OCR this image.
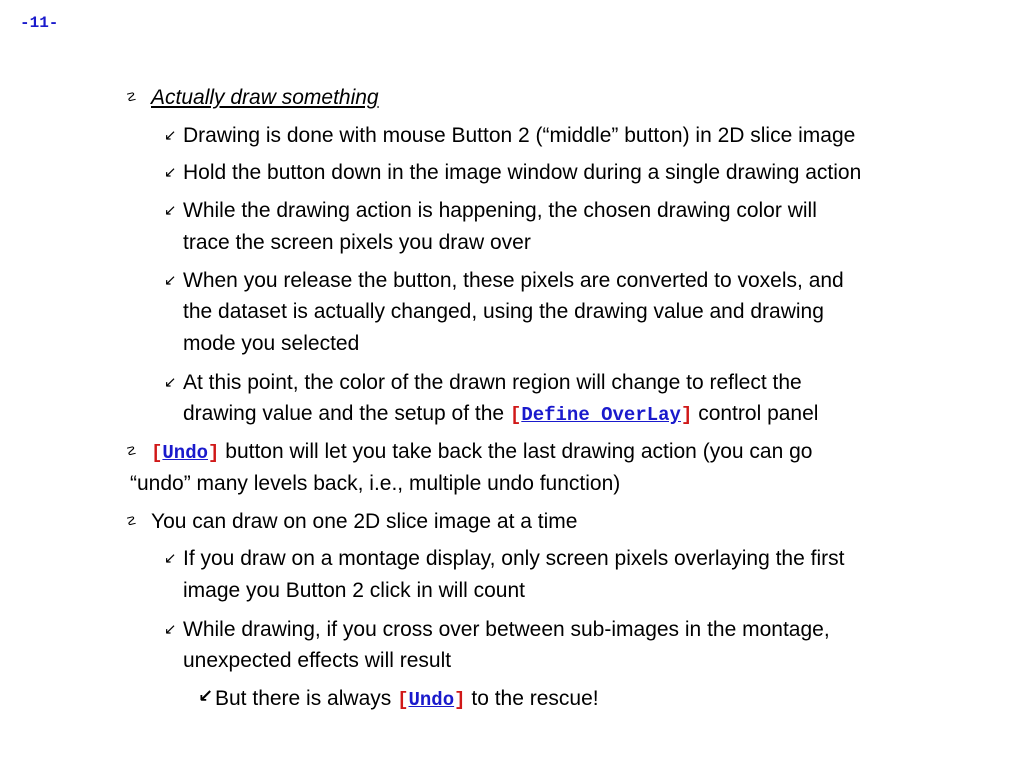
-11-
☡ Actually draw something
↙ Drawing is done with mouse Button 2 (“middle” button) in 2D slice image
↙ Hold the button down in the image window during a single drawing action
↙ While the drawing action is happening, the chosen drawing color will
trace the screen pixels you draw over
↙ When you release the button, these pixels are converted to voxels, and
the dataset is actually changed, using the drawing value and drawing
mode you selected
↙ At this point, the color of the drawn region will change to reflect the
drawing value and the setup of the [Define OverLay] control panel
☡ [Undo] button will let you take back the last drawing action (you can go
“undo” many levels back, i.e., multiple undo function)
☡ You can draw on one 2D slice image at a time
↙ If you draw on a montage display, only screen pixels overlaying the first
image you Button 2 click in will count
↙ While drawing, if you cross over between sub-images in the montage,
unexpected effects will result
↙ But there is always [Undo] to the rescue!
